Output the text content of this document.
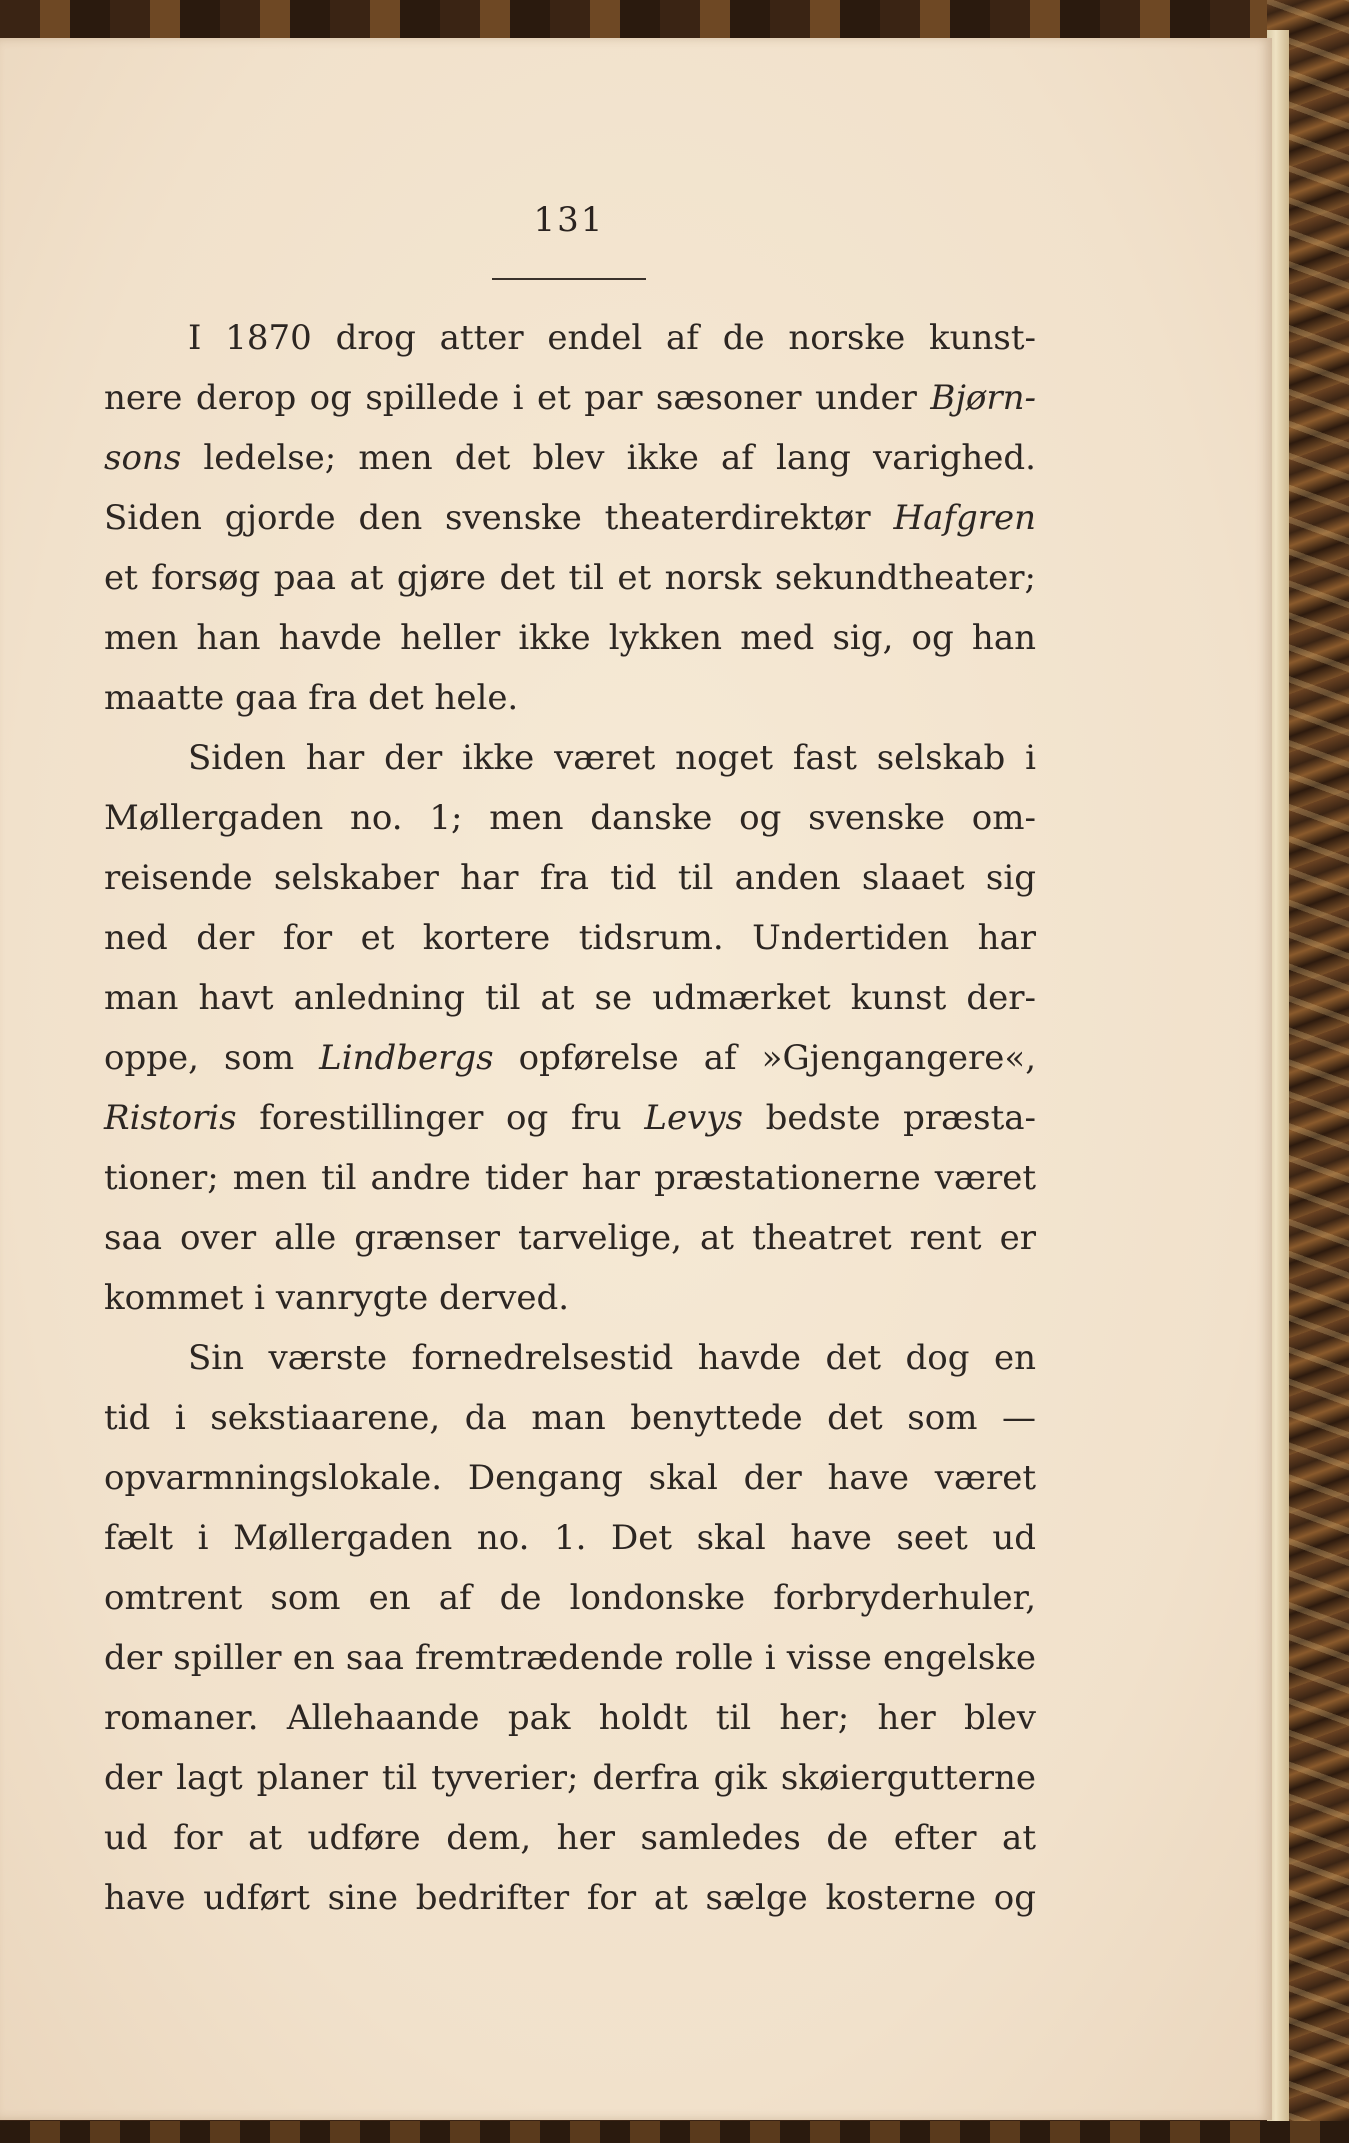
131
I 1870 drog atter endel af de norske kunst-
nere derop og spillede i et par sæsoner under Bjørn-
sons ledelse; men det blev ikke af lang varighed.
Siden gjorde den svenske theaterdirektør Hafgren
et forsøg paa at gjøre det til et norsk sekundtheater;
men han havde heller ikke lykken med sig, og han
maatte gaa fra det hele.
Siden har der ikke været noget fast selskab i
Møllergaden no. 1; men danske og svenske om-
reisende selskaber har fra tid til anden slaaet sig
ned der for et kortere tidsrum. Undertiden har
man havt anledning til at se udmærket kunst der-
oppe, som Lindbergs opførelse af »Gjengangere«,
Ristoris forestillinger og fru Levys bedste præsta-
tioner; men til andre tider har præstationerne været
saa over alle grænser tarvelige, at theatret rent er
kommet i vanrygte derved.
Sin værste fornedrelsestid havde det dog en
tid i sekstiaarene, da man benyttede det som —
opvarmningslokale. Dengang skal der have været
fælt i Møllergaden no. 1. Det skal have seet ud
omtrent som en af de londonske forbryderhuler,
der spiller en saa fremtrædende rolle i visse engelske
romaner. Allehaande pak holdt til her; her blev
der lagt planer til tyverier; derfra gik skøiergutterne
ud for at udføre dem, her samledes de efter at
have udført sine bedrifter for at sælge kosterne og
